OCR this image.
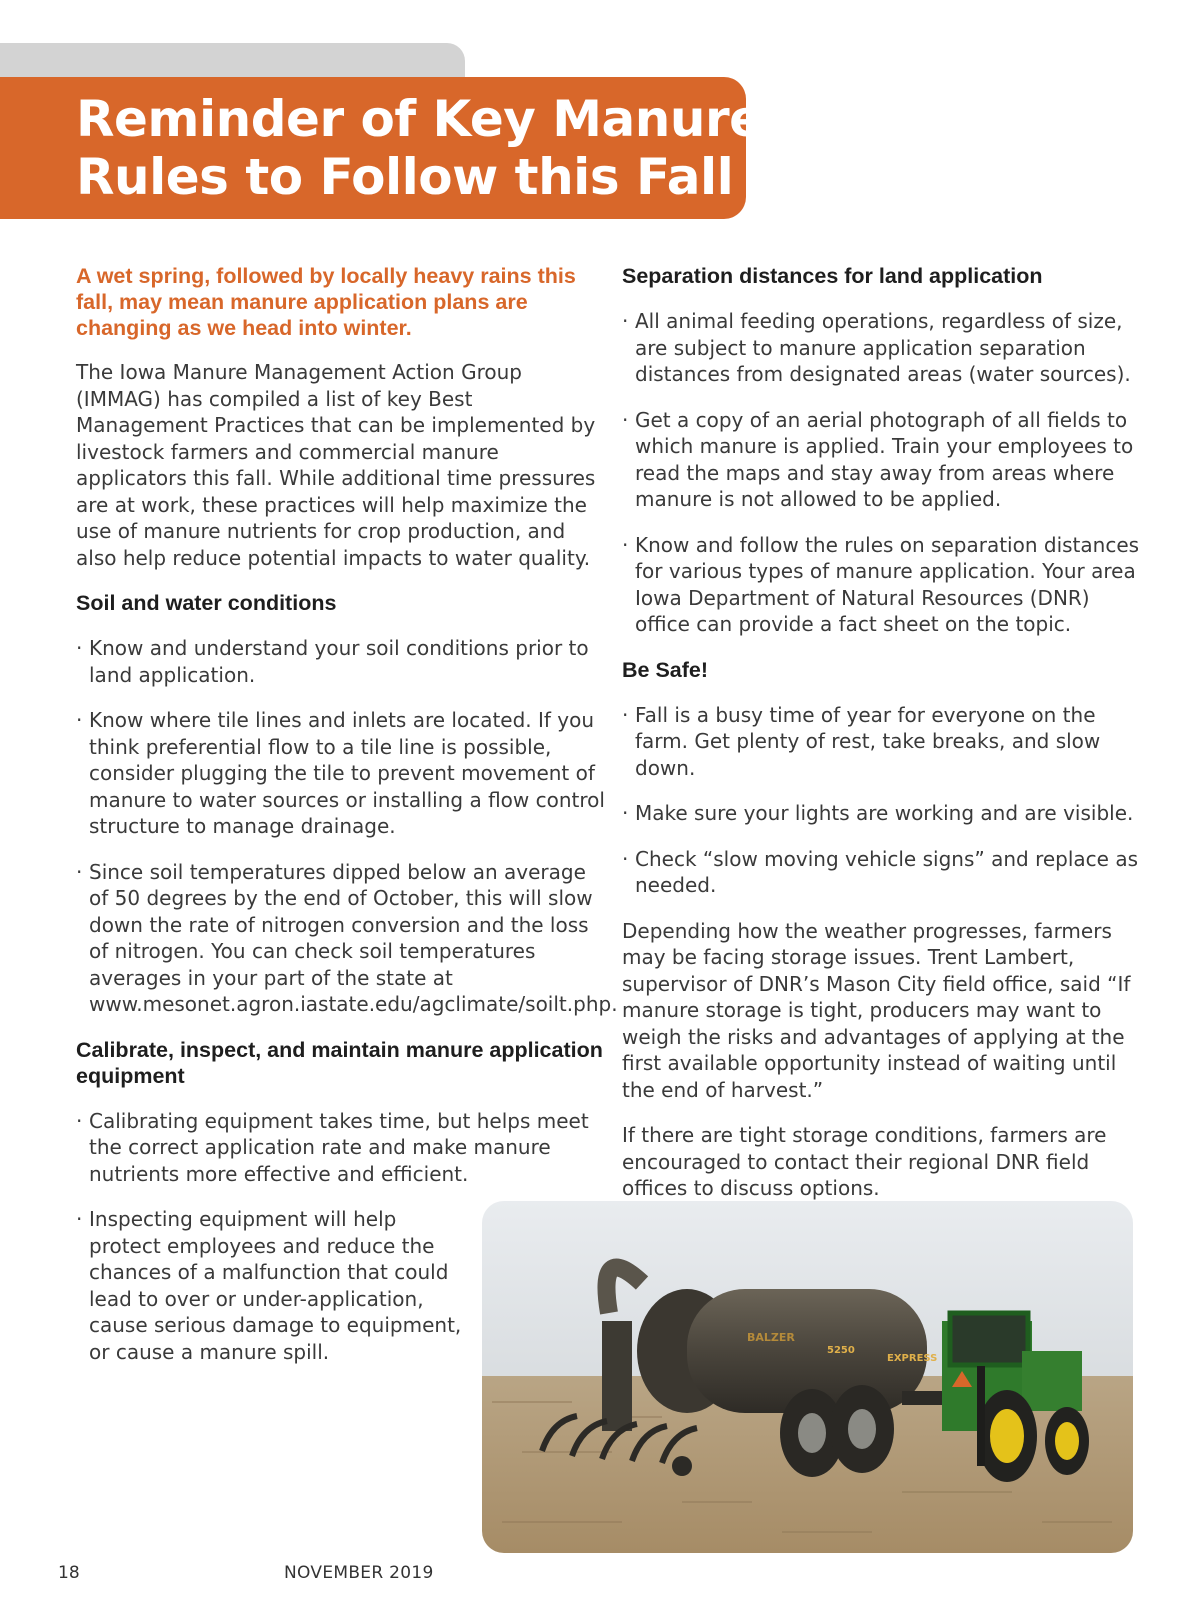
Reminder of Key Manure
Rules to Follow this Fall

A wet spring, followed by locally heavy rains this fall, may mean manure application plans are changing as we head into winter.

The Iowa Manure Management Action Group (IMMAG) has compiled a list of key Best Management Practices that can be implemented by livestock farmers and commercial manure applicators this fall. While additional time pressures are at work, these practices will help maximize the use of manure nutrients for crop production, and also help reduce potential impacts to water quality.

Soil and water conditions
· Know and understand your soil conditions prior to land application.
· Know where tile lines and inlets are located. If you think preferential flow to a tile line is possible, consider plugging the tile to prevent movement of manure to water sources or installing a flow control structure to manage drainage.
· Since soil temperatures dipped below an average of 50 degrees by the end of October, this will slow down the rate of nitrogen conversion and the loss of nitrogen. You can check soil temperatures averages in your part of the state at www.mesonet.agron.iastate.edu/agclimate/soilt.php.
Calibrate, inspect, and maintain manure application equipment
· Calibrating equipment takes time, but helps meet the correct application rate and make manure nutrients more effective and efficient.
· Inspecting equipment will help protect employees and reduce the chances of a malfunction that could lead to over or under-application, cause serious damage to equipment, or cause a manure spill.
Separation distances for land application
· All animal feeding operations, regardless of size, are subject to manure application separation distances from designated areas (water sources).
· Get a copy of an aerial photograph of all fields to which manure is applied. Train your employees to read the maps and stay away from areas where manure is not allowed to be applied.
· Know and follow the rules on separation distances for various types of manure application. Your area Iowa Department of Natural Resources (DNR) office can provide a fact sheet on the topic.
Be Safe!
· Fall is a busy time of year for everyone on the farm. Get plenty of rest, take breaks, and slow down.
· Make sure your lights are working and are visible.
· Check “slow moving vehicle signs” and replace as needed.

Depending how the weather progresses, farmers may be facing storage issues. Trent Lambert, supervisor of DNR’s Mason City field office, said “If manure storage is tight, producers may want to weigh the risks and advantages of applying at the first available opportunity instead of waiting until the end of harvest.”

If there are tight storage conditions, farmers are encouraged to contact their regional DNR field offices to discuss options.

BALZER
5250
EXPRESS
18	NOVEMBER 2019
